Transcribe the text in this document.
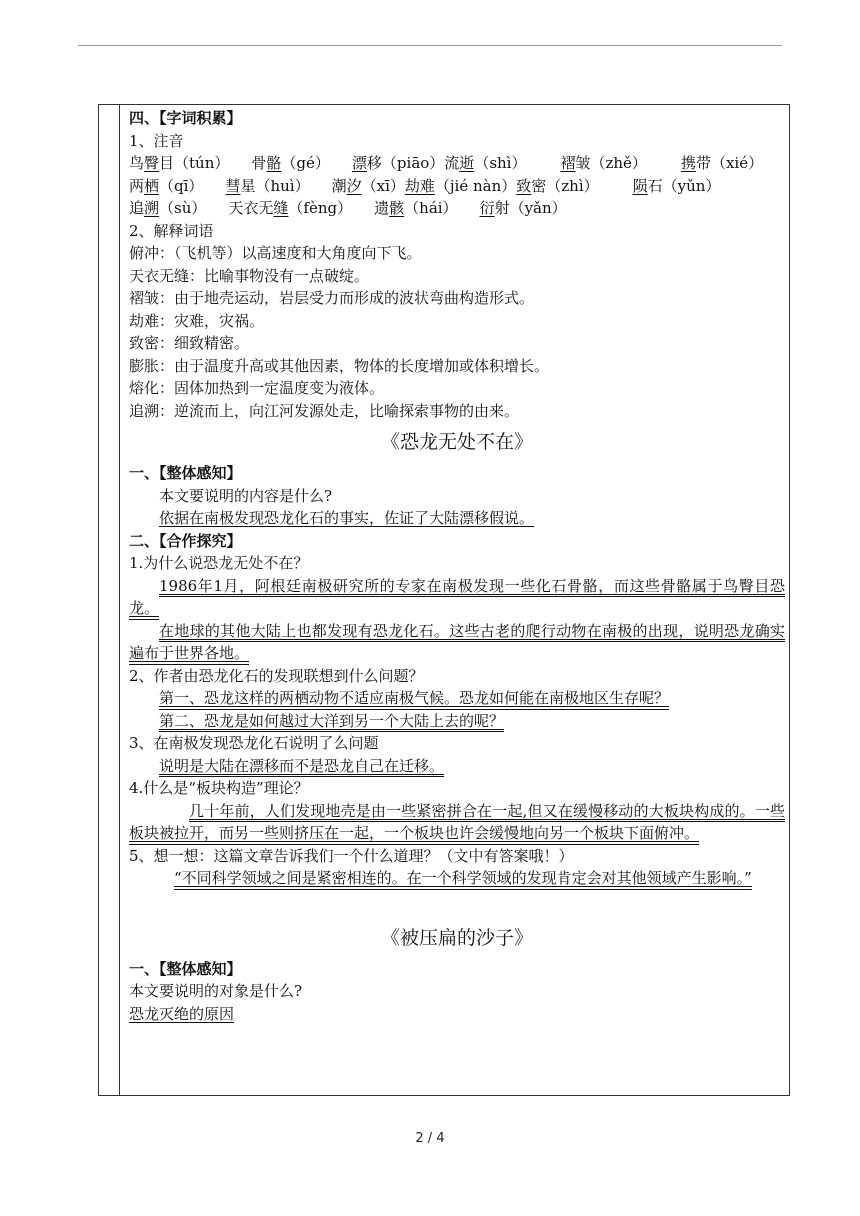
四、【字词积累】
1、注音
鸟臀目（tún） 骨骼（gé） 漂移（piāo）流逝（shì） 褶皱（zhě） 携带（xié）
两栖（qī） 彗星（huì） 潮汐（xī）劫难（jié nàn）致密（zhì） 陨石（yǔn）
追溯（sù） 天衣无缝（fèng） 遗骸（hái） 衍射（yǎn）
2、解释词语
俯冲：（飞机等）以高速度和大角度向下飞。
天衣无缝：比喻事物没有一点破绽。
褶皱：由于地壳运动，岩层受力而形成的波状弯曲构造形式。
劫难：灾难，灾祸。
致密：细致精密。
膨胀：由于温度升高或其他因素，物体的长度增加或体积增长。
熔化：固体加热到一定温度变为液体。
追溯：逆流而上，向江河发源处走，比喻探索事物的由来。
《恐龙无处不在》
一、【整体感知】
本文要说明的内容是什么?
依据在南极发现恐龙化石的事实，佐证了大陆漂移假说。
二、【合作探究】
1.为什么说恐龙无处不在？
1986年1月，阿根廷南极研究所的专家在南极发现一些化石骨骼，而这些骨骼属于鸟臀目恐龙。
在地球的其他大陆上也都发现有恐龙化石。这些古老的爬行动物在南极的出现，说明恐龙确实遍布于世界各地。
2、作者由恐龙化石的发现联想到什么问题？
第一、恐龙这样的两栖动物不适应南极气候。恐龙如何能在南极地区生存呢？
第二、恐龙是如何越过大洋到另一个大陆上去的呢？
3、在南极发现恐龙化石说明了么问题
说明是大陆在漂移而不是恐龙自己在迁移。
4.什么是“板块构造”理论？
几十年前，人们发现地壳是由一些紧密拼合在一起,但又在缓慢移动的大板块构成的。一些板块被拉开，而另一些则挤压在一起，一个板块也许会缓慢地向另一个板块下面俯冲。
5、想一想：这篇文章告诉我们一个什么道理？（文中有答案哦！）
“不同科学领域之间是紧密相连的。在一个科学领域的发现肯定会对其他领域产生影响。”
《被压扁的沙子》
一、【整体感知】
本文要说明的对象是什么?
恐龙灭绝的原因
2 / 4
